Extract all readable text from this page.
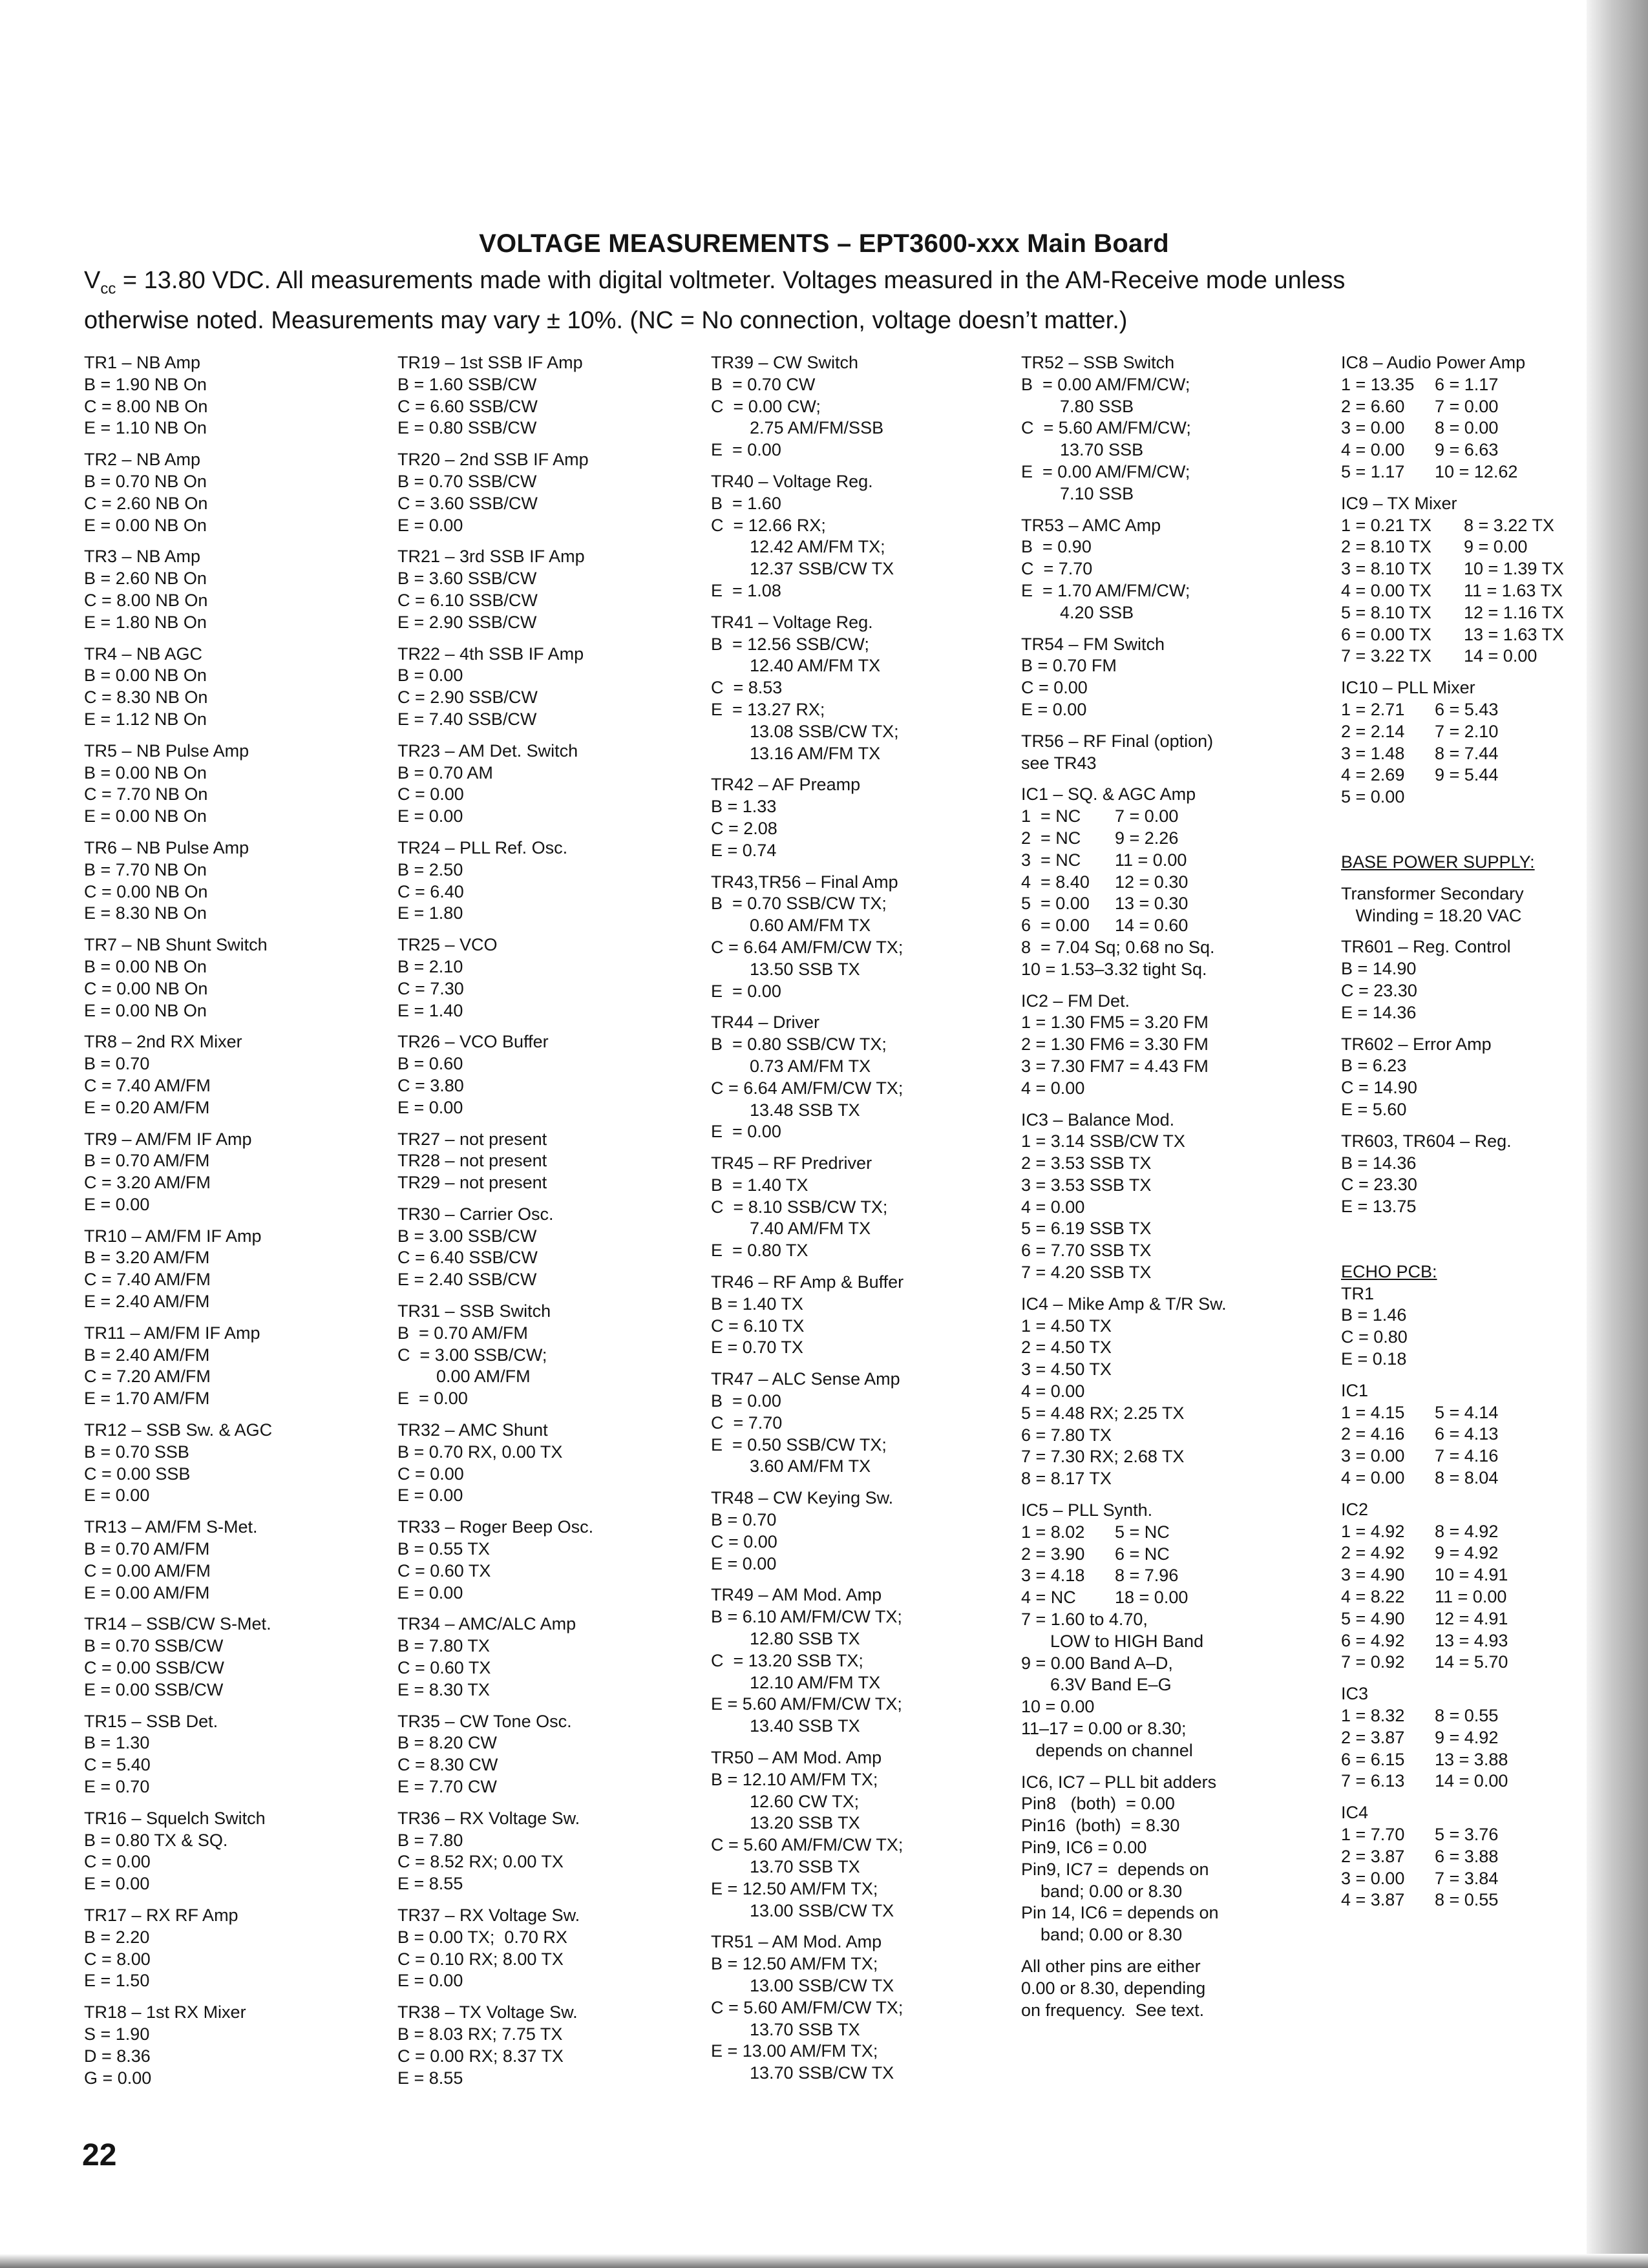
VOLTAGE MEASUREMENTS – EPT3600-xxx Main Board
$V_{cc} = 13.80$ VDC. All measurements made with digital voltmeter. Voltages measured in the AM-Receive mode unless
otherwise noted. Measurements may vary ± 10%. (NC = No connection, voltage doesn’t matter.)
TR1 – NB Amp
B = 1.90 NB On
C = 8.00 NB On
E = 1.10 NB On
TR2 – NB Amp
B = 0.70 NB On
C = 2.60 NB On
E = 0.00 NB On
TR3 – NB Amp
B = 2.60 NB On
C = 8.00 NB On
E = 1.80 NB On
TR4 – NB AGC
B = 0.00 NB On
C = 8.30 NB On
E = 1.12 NB On
TR5 – NB Pulse Amp
B = 0.00 NB On
C = 7.70 NB On
E = 0.00 NB On
TR6 – NB Pulse Amp
B = 7.70 NB On
C = 0.00 NB On
E = 8.30 NB On
TR7 – NB Shunt Switch
B = 0.00 NB On
C = 0.00 NB On
E = 0.00 NB On
TR8 – 2nd RX Mixer
B = 0.70
C = 7.40 AM/FM
E = 0.20 AM/FM
TR9 – AM/FM IF Amp
B = 0.70 AM/FM
C = 3.20 AM/FM
E = 0.00
TR10 – AM/FM IF Amp
B = 3.20 AM/FM
C = 7.40 AM/FM
E = 2.40 AM/FM
TR11 – AM/FM IF Amp
B = 2.40 AM/FM
C = 7.20 AM/FM
E = 1.70 AM/FM
TR12 – SSB Sw. & AGC
B = 0.70 SSB
C = 0.00 SSB
E = 0.00
TR13 – AM/FM S-Met.
B = 0.70 AM/FM
C = 0.00 AM/FM
E = 0.00 AM/FM
TR14 – SSB/CW S-Met.
B = 0.70 SSB/CW
C = 0.00 SSB/CW
E = 0.00 SSB/CW
TR15 – SSB Det.
B = 1.30
C = 5.40
E = 0.70
TR16 – Squelch Switch
B = 0.80 TX & SQ.
C = 0.00
E = 0.00
TR17 – RX RF Amp
B = 2.20
C = 8.00
E = 1.50
TR18 – 1st RX Mixer
S = 1.90
D = 8.36
G = 0.00
TR19 – 1st SSB IF Amp
B = 1.60 SSB/CW
C = 6.60 SSB/CW
E = 0.80 SSB/CW
TR20 – 2nd SSB IF Amp
B = 0.70 SSB/CW
C = 3.60 SSB/CW
E = 0.00
TR21 – 3rd SSB IF Amp
B = 3.60 SSB/CW
C = 6.10 SSB/CW
E = 2.90 SSB/CW
TR22 – 4th SSB IF Amp
B = 0.00
C = 2.90 SSB/CW
E = 7.40 SSB/CW
TR23 – AM Det. Switch
B = 0.70 AM
C = 0.00
E = 0.00
TR24 – PLL Ref. Osc.
B = 2.50
C = 6.40
E = 1.80
TR25 – VCO
B = 2.10
C = 7.30
E = 1.40
TR26 – VCO Buffer
B = 0.60
C = 3.80
E = 0.00
TR27 – not present
TR28 – not present
TR29 – not present
TR30 – Carrier Osc.
B = 3.00 SSB/CW
C = 6.40 SSB/CW
E = 2.40 SSB/CW
TR31 – SSB Switch
B  = 0.70 AM/FM
C  = 3.00 SSB/CW;
0.00 AM/FM
E  = 0.00
TR32 – AMC Shunt
B = 0.70 RX, 0.00 TX
C = 0.00
E = 0.00
TR33 – Roger Beep Osc.
B = 0.55 TX
C = 0.60 TX
E = 0.00
TR34 – AMC/ALC Amp
B = 7.80 TX
C = 0.60 TX
E = 8.30 TX
TR35 – CW Tone Osc.
B = 8.20 CW
C = 8.30 CW
E = 7.70 CW
TR36 – RX Voltage Sw.
B = 7.80
C = 8.52 RX; 0.00 TX
E = 8.55
TR37 – RX Voltage Sw.
B = 0.00 TX;  0.70 RX
C = 0.10 RX; 8.00 TX
E = 0.00
TR38 – TX Voltage Sw.
B = 8.03 RX; 7.75 TX
C = 0.00 RX; 8.37 TX
E = 8.55
TR39 – CW Switch
B  = 0.70 CW
C  = 0.00 CW;
2.75 AM/FM/SSB
E  = 0.00
TR40 – Voltage Reg.
B  = 1.60
C  = 12.66 RX;
12.42 AM/FM TX;
12.37 SSB/CW TX
E  = 1.08
TR41 – Voltage Reg.
B  = 12.56 SSB/CW;
12.40 AM/FM TX
C  = 8.53
E  = 13.27 RX;
13.08 SSB/CW TX;
13.16 AM/FM TX
TR42 – AF Preamp
B = 1.33
C = 2.08
E = 0.74
TR43,TR56 – Final Amp
B  = 0.70 SSB/CW TX;
0.60 AM/FM TX
C = 6.64 AM/FM/CW TX;
13.50 SSB TX
E  = 0.00
TR44 – Driver
B  = 0.80 SSB/CW TX;
0.73 AM/FM TX
C = 6.64 AM/FM/CW TX;
13.48 SSB TX
E  = 0.00
TR45 – RF Predriver
B  = 1.40 TX
C  = 8.10 SSB/CW TX;
7.40 AM/FM TX
E  = 0.80 TX
TR46 – RF Amp & Buffer
B = 1.40 TX
C = 6.10 TX
E = 0.70 TX
TR47 – ALC Sense Amp
B  = 0.00
C  = 7.70
E  = 0.50 SSB/CW TX;
3.60 AM/FM TX
TR48 – CW Keying Sw.
B = 0.70
C = 0.00
E = 0.00
TR49 – AM Mod. Amp
B = 6.10 AM/FM/CW TX;
12.80 SSB TX
C  = 13.20 SSB TX;
12.10 AM/FM TX
E = 5.60 AM/FM/CW TX;
13.40 SSB TX
TR50 – AM Mod. Amp
B = 12.10 AM/FM TX;
12.60 CW TX;
13.20 SSB TX
C = 5.60 AM/FM/CW TX;
13.70 SSB TX
E = 12.50 AM/FM TX;
13.00 SSB/CW TX
TR51 – AM Mod. Amp
B = 12.50 AM/FM TX;
13.00 SSB/CW TX
C = 5.60 AM/FM/CW TX;
13.70 SSB TX
E = 13.00 AM/FM TX;
13.70 SSB/CW TX
TR52 – SSB Switch
B  = 0.00 AM/FM/CW;
7.80 SSB
C  = 5.60 AM/FM/CW;
13.70 SSB
E  = 0.00 AM/FM/CW;
7.10 SSB
TR53 – AMC Amp
B  = 0.90
C  = 7.70
E  = 1.70 AM/FM/CW;
4.20 SSB
TR54 – FM Switch
B = 0.70 FM
C = 0.00
E = 0.00
TR56 – RF Final (option)
see TR43
IC1 – SQ. & AGC Amp
1  = NC	7 = 0.00
2  = NC	9 = 2.26
3  = NC	11 = 0.00
4  = 8.40	12 = 0.30
5  = 0.00	13 = 0.30
6  = 0.00	14 = 0.60
8  = 7.04 Sq; 0.68 no Sq.
10 = 1.53–3.32 tight Sq.
IC2 – FM Det.
1 = 1.30 FM 5 = 3.20 FM
2 = 1.30 FM 6 = 3.30 FM
3 = 7.30 FM 7 = 4.43 FM
4 = 0.00
IC3 – Balance Mod.
1 = 3.14 SSB/CW TX
2 = 3.53 SSB TX
3 = 3.53 SSB TX
4 = 0.00
5 = 6.19 SSB TX
6 = 7.70 SSB TX
7 = 4.20 SSB TX
IC4 – Mike Amp & T/R Sw.
1 = 4.50 TX
2 = 4.50 TX
3 = 4.50 TX
4 = 0.00
5 = 4.48 RX; 2.25 TX
6 = 7.80 TX
7 = 7.30 RX; 2.68 TX
8 = 8.17 TX
IC5 – PLL Synth.
1 = 8.02	5 = NC
2 = 3.90	6 = NC
3 = 4.18	8 = 7.96
4 = NC	18 = 0.00
7 = 1.60 to 4.70,
LOW to HIGH Band
9 = 0.00 Band A–D,
6.3V Band E–G
10 = 0.00
11–17 = 0.00 or 8.30;
depends on channel
IC6, IC7 – PLL bit adders
Pin8   (both)  = 0.00
Pin16  (both)  = 8.30
Pin9, IC6 = 0.00
Pin9, IC7 =  depends on
band; 0.00 or 8.30
Pin 14, IC6 = depends on
band; 0.00 or 8.30
All other pins are either
0.00 or 8.30, depending
on frequency.  See text.
IC8 – Audio Power Amp
1 = 13.35	6 = 1.17
2 = 6.60	7 = 0.00
3 = 0.00	8 = 0.00
4 = 0.00	9 = 6.63
5 = 1.17	10 = 12.62
IC9 – TX Mixer
1 = 0.21 TX	8 = 3.22 TX
2 = 8.10 TX	9 = 0.00
3 = 8.10 TX	10 = 1.39 TX
4 = 0.00 TX	11 = 1.63 TX
5 = 8.10 TX	12 = 1.16 TX
6 = 0.00 TX	13 = 1.63 TX
7 = 3.22 TX	14 = 0.00
IC10 – PLL Mixer
1 = 2.71	6 = 5.43
2 = 2.14	7 = 2.10
3 = 1.48	8 = 7.44
4 = 2.69	9 = 5.44
5 = 0.00
BASE POWER SUPPLY:
Transformer Secondary
Winding = 18.20 VAC
TR601 – Reg. Control
B = 14.90
C = 23.30
E = 14.36
TR602 – Error Amp
B = 6.23
C = 14.90
E = 5.60
TR603, TR604 – Reg.
B = 14.36
C = 23.30
E = 13.75
ECHO PCB:
TR1
B = 1.46
C = 0.80
E = 0.18
IC1
1 = 4.15	5 = 4.14
2 = 4.16	6 = 4.13
3 = 0.00	7 = 4.16
4 = 0.00	8 = 8.04
IC2
1 = 4.92	8 = 4.92
2 = 4.92	9 = 4.92
3 = 4.90	10 = 4.91
4 = 8.22	11 = 0.00
5 = 4.90	12 = 4.91
6 = 4.92	13 = 4.93
7 = 0.92	14 = 5.70
IC3
1 = 8.32	8 = 0.55
2 = 3.87	9 = 4.92
6 = 6.15	13 = 3.88
7 = 6.13	14 = 0.00
IC4
1 = 7.70	5 = 3.76
2 = 3.87	6 = 3.88
3 = 0.00	7 = 3.84
4 = 3.87	8 = 0.55
22
